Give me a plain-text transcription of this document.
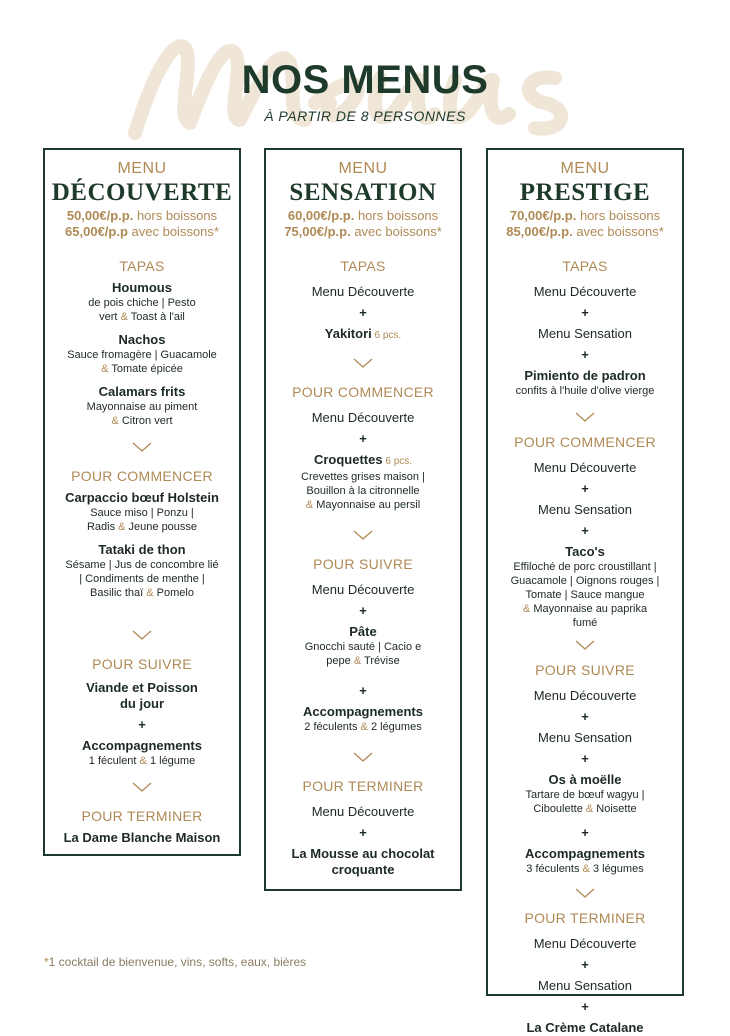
NOS MENUS
À PARTIR DE 8 PERSONNES
MENU
DÉCOUVERTE
50,00€/p.p. hors boissons
65,00€/p.p avec boissons*
TAPAS
Houmous
de pois chiche | Pesto
vert & Toast à l'ail
Nachos
Sauce fromagère | Guacamole
& Tomate épicée
Calamars frits
Mayonnaise au piment
& Citron vert
POUR COMMENCER
Carpaccio bœuf Holstein
Sauce miso | Ponzu |
Radis & Jeune pousse
Tataki de thon
Sésame | Jus de concombre lié
| Condiments de menthe |
Basilic thaï & Pomelo
POUR SUIVRE
Viande et Poisson
du jour
+
Accompagnements
1 féculent & 1 légume
POUR TERMINER
La Dame Blanche Maison
MENU
SENSATION
60,00€/p.p. hors boissons
75,00€/p.p. avec boissons*
TAPAS
Menu Découverte
+
Yakitori 6 pcs.
POUR COMMENCER
Menu Découverte
+
Croquettes 6 pcs.
Crevettes grises maison |
Bouillon à la citronnelle
& Mayonnaise au persil
POUR SUIVRE
Menu Découverte
+
Pâte
Gnocchi sauté | Cacio e
pepe & Trévise
+
Accompagnements
2 féculents & 2 légumes
POUR TERMINER
Menu Découverte
+
La Mousse au chocolat
croquante
MENU
PRESTIGE
70,00€/p.p. hors boissons
85,00€/p.p. avec boissons*
TAPAS
Menu Découverte
+
Menu Sensation
+
Pimiento de padron
confits à l'huile d'olive vierge
POUR COMMENCER
Menu Découverte
+
Menu Sensation
+
Taco's
Effiloché de porc croustillant |
Guacamole | Oignons rouges |
Tomate | Sauce mangue
& Mayonnaise au paprika
fumé
POUR SUIVRE
Menu Découverte
+
Menu Sensation
+
Os à moëlle
Tartare de bœuf wagyu |
Ciboulette & Noisette
+
Accompagnements
3 féculents & 3 légumes
POUR TERMINER
Menu Découverte
+
Menu Sensation
+
La Crème Catalane
*1 cocktail de bienvenue, vins, softs, eaux, bières
